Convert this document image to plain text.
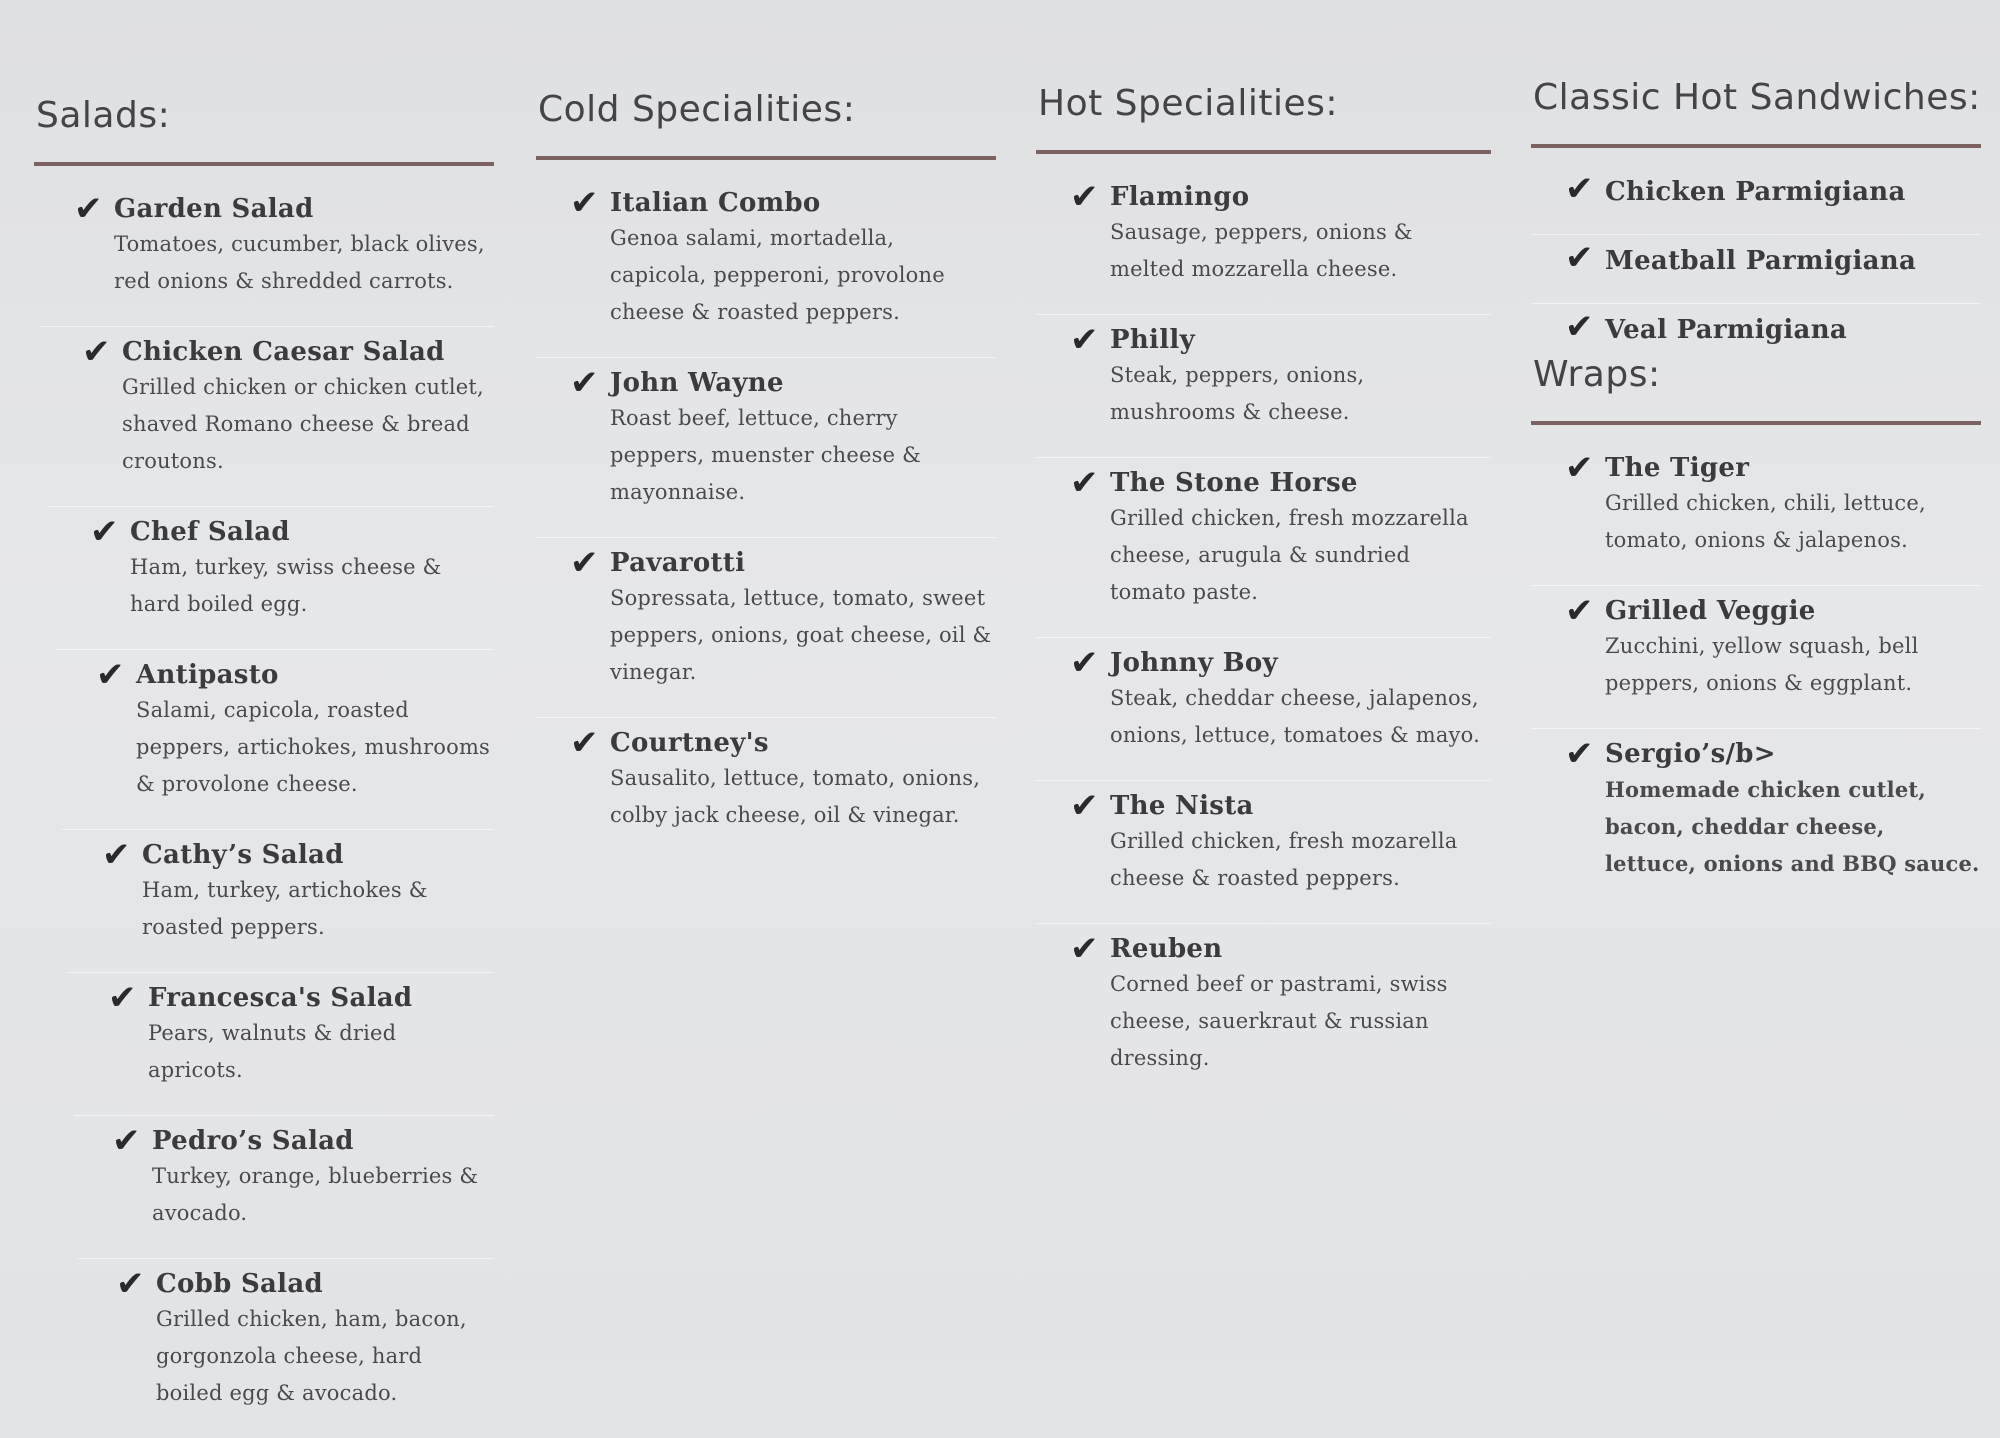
Salads:
✔ Garden Salad
Tomatoes, cucumber, black olives, red onions & shredded carrots.
✔ Chicken Caesar Salad
Grilled chicken or chicken cutlet, shaved Romano cheese & bread croutons.
✔ Chef Salad
Ham, turkey, swiss cheese & hard boiled egg.
✔ Antipasto
Salami, capicola, roasted peppers, artichokes, mushrooms & provolone cheese.
✔ Cathy’s Salad
Ham, turkey, artichokes & roasted peppers.
✔ Francesca's Salad
Pears, walnuts & dried apricots.
✔ Pedro’s Salad
Turkey, orange, blueberries & avocado.
✔ Cobb Salad
Grilled chicken, ham, bacon, gorgonzola cheese, hard boiled egg & avocado.
Cold Specialities:
✔ Italian Combo
Genoa salami, mortadella, capicola, pepperoni, provolone cheese & roasted peppers.
✔ John Wayne
Roast beef, lettuce, cherry peppers, muenster cheese & mayonnaise.
✔ Pavarotti
Sopressata, lettuce, tomato, sweet peppers, onions, goat cheese, oil & vinegar.
✔ Courtney's
Sausalito, lettuce, tomato, onions, colby jack cheese, oil & vinegar.
Hot Specialities:
✔ Flamingo
Sausage, peppers, onions & melted mozzarella cheese.
✔ Philly
Steak, peppers, onions, mushrooms & cheese.
✔ The Stone Horse
Grilled chicken, fresh mozzarella cheese, arugula & sundried tomato paste.
✔ Johnny Boy
Steak, cheddar cheese, jalapenos, onions, lettuce, tomatoes & mayo.
✔ The Nista
Grilled chicken, fresh mozarella cheese & roasted peppers.
✔ Reuben
Corned beef or pastrami, swiss cheese, sauerkraut & russian dressing.
Classic Hot Sandwiches:
✔ Chicken Parmigiana
✔ Meatball Parmigiana
✔ Veal Parmigiana
Wraps:
✔ The Tiger
Grilled chicken, chili, lettuce, tomato, onions & jalapenos.
✔ Grilled Veggie
Zucchini, yellow squash, bell peppers, onions & eggplant.
✔ Sergio’s/b>
Homemade chicken cutlet, bacon, cheddar cheese, lettuce, onions and BBQ sauce.
